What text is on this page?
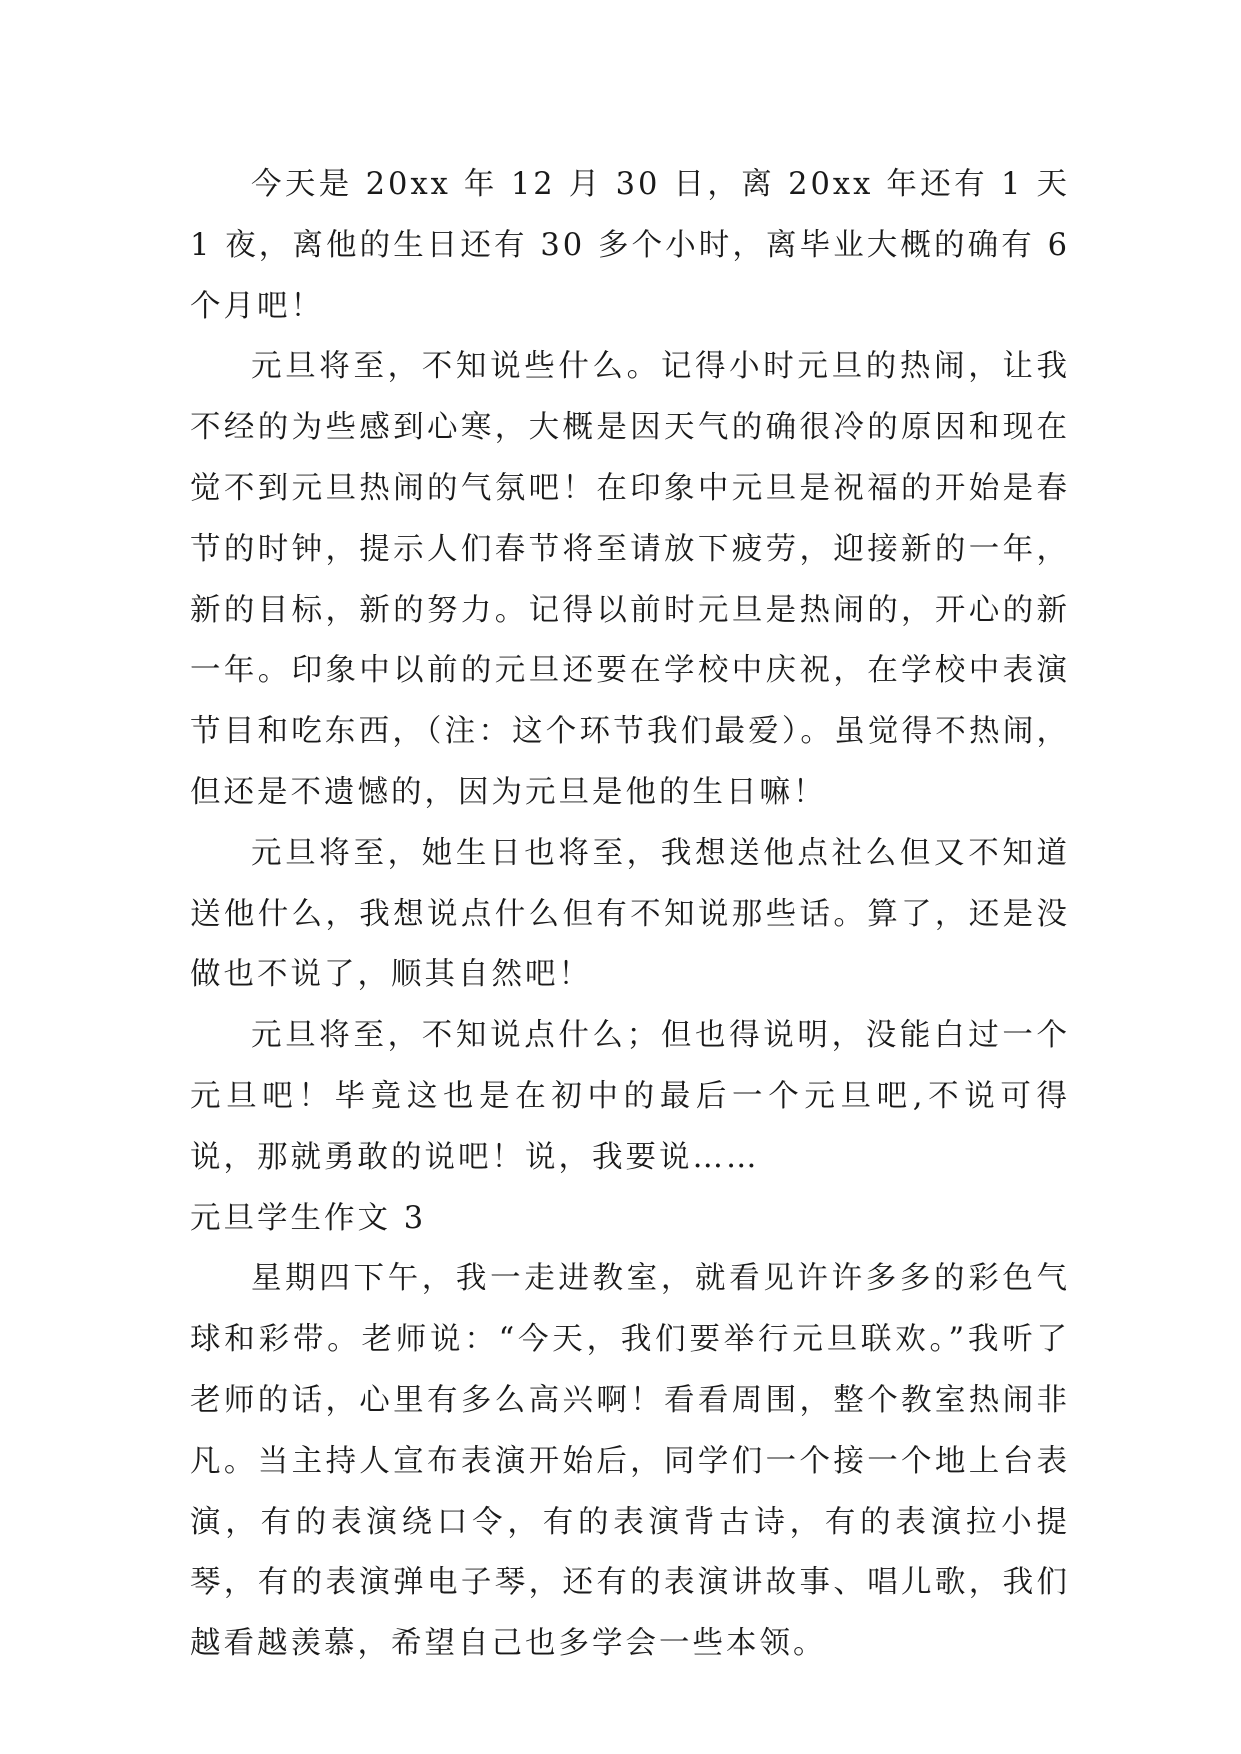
今天是 20xx 年 12 月 30 日，离 20xx 年还有 1 天 1 夜，离他的生日还有 30 多个小时，离毕业大概的确有 6 个月吧！

元旦将至，不知说些什么。记得小时元旦的热闹，让我不经的为些感到心寒，大概是因天气的确很冷的原因和现在觉不到元旦热闹的气氛吧！在印象中元旦是祝福的开始是春节的时钟，提示人们春节将至请放下疲劳，迎接新的一年，新的目标，新的努力。记得以前时元旦是热闹的，开心的新一年。印象中以前的元旦还要在学校中庆祝，在学校中表演节目和吃东西，（注：这个环节我们最爱）。虽觉得不热闹，但还是不遗憾的，因为元旦是他的生日嘛！

元旦将至，她生日也将至，我想送他点社么但又不知道送他什么，我想说点什么但有不知说那些话。算了，还是没做也不说了，顺其自然吧！

元旦将至，不知说点什么；但也得说明，没能白过一个元旦吧！毕竟这也是在初中的最后一个元旦吧,不说可得说，那就勇敢的说吧！说，我要说……

元旦学生作文 3

星期四下午，我一走进教室，就看见许许多多的彩色气球和彩带。老师说：“今天，我们要举行元旦联欢。”我听了老师的话，心里有多么高兴啊！看看周围，整个教室热闹非凡。当主持人宣布表演开始后，同学们一个接一个地上台表演，有的表演绕口令，有的表演背古诗，有的表演拉小提琴，有的表演弹电子琴，还有的表演讲故事、唱儿歌，我们越看越羡慕，希望自己也多学会一些本领。
